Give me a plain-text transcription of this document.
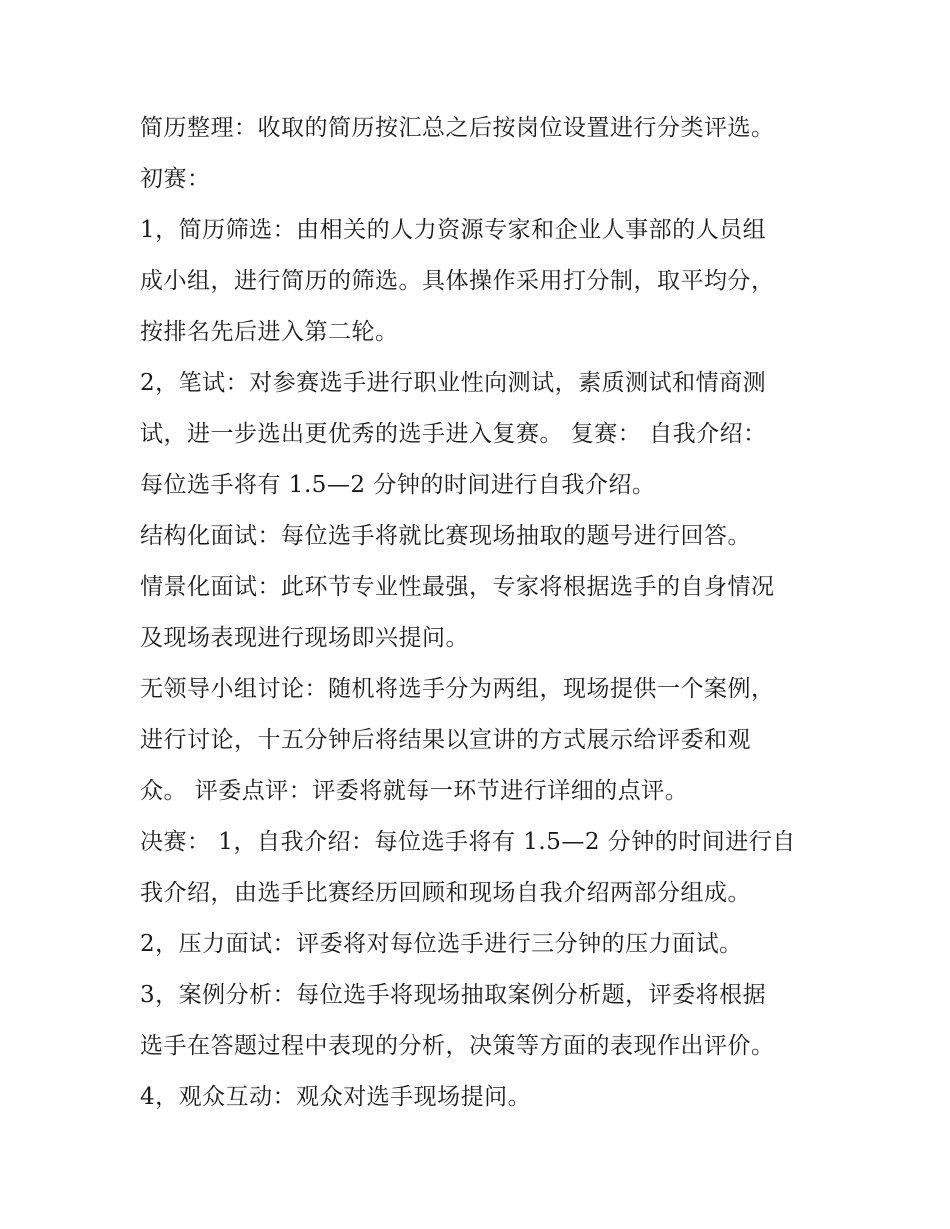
简历整理：收取的简历按汇总之后按岗位设置进行分类评选。
初赛：
1，简历筛选：由相关的人力资源专家和企业人事部的人员组
成小组，进行简历的筛选。具体操作采用打分制，取平均分，
按排名先后进入第二轮。
2，笔试：对参赛选手进行职业性向测试，素质测试和情商测
试，进一步选出更优秀的选手进入复赛。 复赛： 自我介绍：
每位选手将有 1.5—2 分钟的时间进行自我介绍。
结构化面试：每位选手将就比赛现场抽取的题号进行回答。
情景化面试：此环节专业性最强，专家将根据选手的自身情况
及现场表现进行现场即兴提问。
无领导小组讨论：随机将选手分为两组，现场提供一个案例，
进行讨论，十五分钟后将结果以宣讲的方式展示给评委和观
众。 评委点评：评委将就每一环节进行详细的点评。
决赛： 1，自我介绍：每位选手将有 1.5—2 分钟的时间进行自
我介绍，由选手比赛经历回顾和现场自我介绍两部分组成。
2，压力面试：评委将对每位选手进行三分钟的压力面试。
3，案例分析：每位选手将现场抽取案例分析题，评委将根据
选手在答题过程中表现的分析，决策等方面的表现作出评价。
4，观众互动：观众对选手现场提问。
